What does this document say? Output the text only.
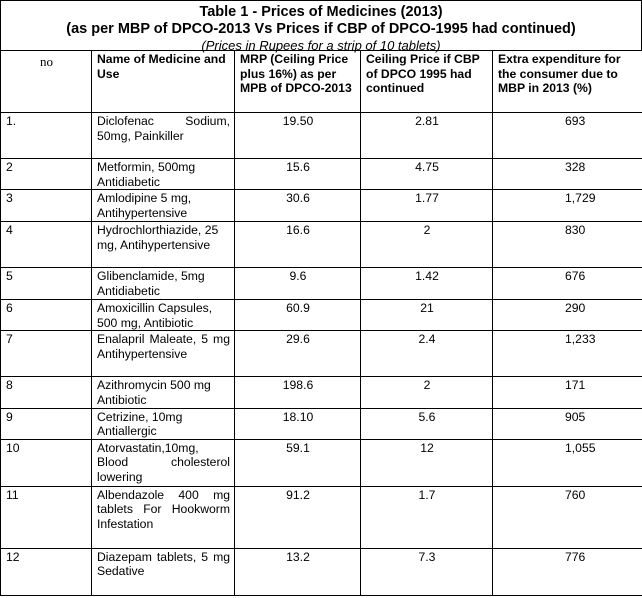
Table 1 - Prices of Medicines (2013)
(as per MBP of DPCO-2013 Vs Prices if CBP of DPCO-1995 had continued)
(Prices in Rupees for a strip of 10 tablets)
no	Name of Medicine and Use	MRP (Ceiling Price plus 16%) as per MPB of DPCO-2013	Ceiling Price if CBP of DPCO 1995 had continued	Extra expenditure for the consumer due to MBP in 2013 (%)
1.	Diclofenac Sodium, 50mg, Painkiller	19.50	2.81	693
2	Metformin, 500mg Antidiabetic	15.6	4.75	328
3	Amlodipine 5 mg, Antihypertensive	30.6	1.77	1,729
4	Hydrochlorthiazide, 25 mg, Antihypertensive	16.6	2	830
5	Glibenclamide, 5mg Antidiabetic	9.6	1.42	676
6	Amoxicillin Capsules, 500 mg, Antibiotic	60.9	21	290
7	Enalapril Maleate, 5 mg Antihypertensive	29.6	2.4	1,233
8	Azithromycin 500 mg Antibiotic	198.6	2	171
9	Cetrizine, 10mg Antiallergic	18.10	5.6	905
10	Atorvastatin,10mg, Blood cholesterol lowering	59.1	12	1,055
11	Albendazole 400 mg tablets For Hookworm Infestation	91.2	1.7	760
12	Diazepam tablets, 5 mg Sedative	13.2	7.3	776
